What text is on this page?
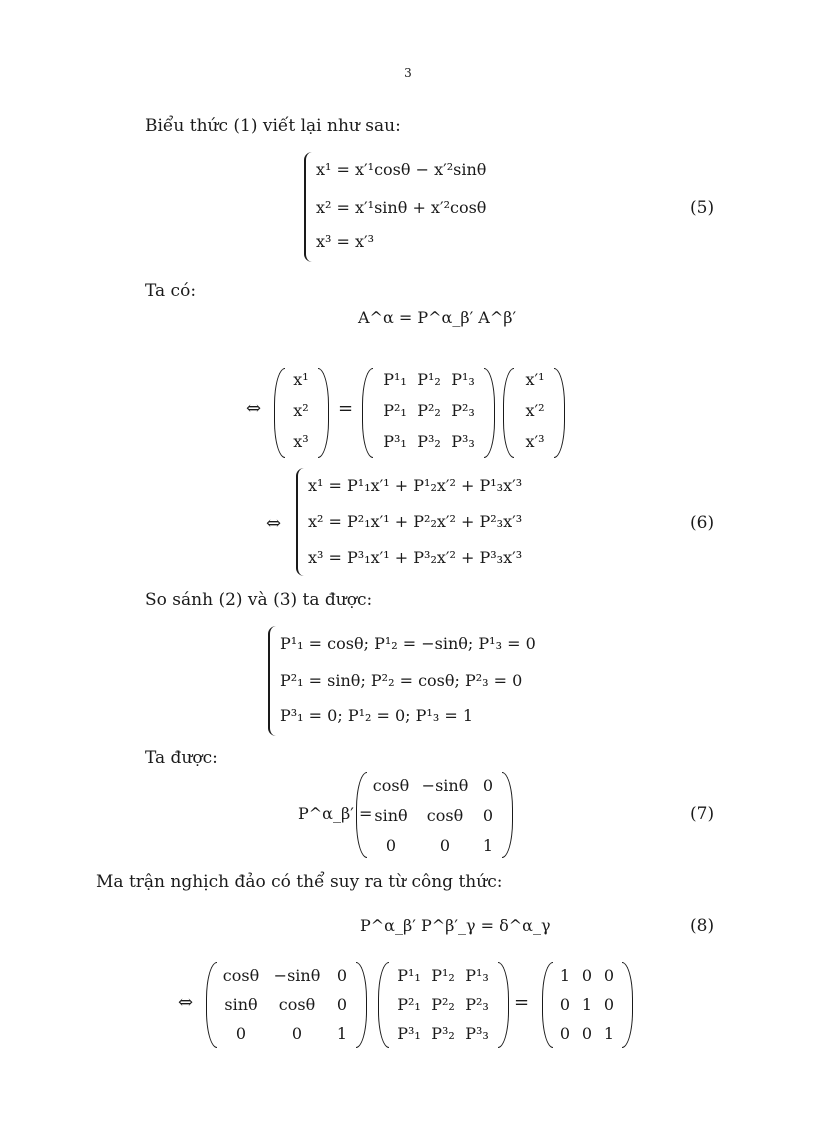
3
Biểu thức (1) viết lại như sau:
x¹ = x′¹cosθ − x′²sinθ
x² = x′¹sinθ + x′²cosθ
x³ = x′³
(5)
Ta có:
A^α = P^α_β′ A^β′
⇔
x¹
x²
x³
=
P¹₁ P¹₂ P¹₃
P²₁ P²₂ P²₃
P³₁ P³₂ P³₃
x′¹
x′²
x′³
⇔
x¹ = P¹₁x′¹ + P¹₂x′² + P¹₃x′³
x² = P²₁x′¹ + P²₂x′² + P²₃x′³
x³ = P³₁x′¹ + P³₂x′² + P³₃x′³
(6)
So sánh (2) và (3) ta được:
P¹₁ = cosθ; P¹₂ = −sinθ; P¹₃ = 0
P²₁ = sinθ; P²₂ = cosθ; P²₃ = 0
P³₁ = 0; P¹₂ = 0; P¹₃ = 1
Ta được:
P^α_β′ =
cosθ −sinθ 0
sinθ	cosθ	0
0	0	1
(7)
Ma trận nghịch đảo có thể suy ra từ công thức:
P^α_β′ P^β′_γ = δ^α_γ	(8)
⇔
cosθ −sinθ	0
sinθ	cosθ	0
0	0	1
P¹₁ P¹₂ P¹₃
P²₁ P²₂ P²₃
P³₁ P³₂ P³₃
=
1 0 0
0 1 0
0 0 1
